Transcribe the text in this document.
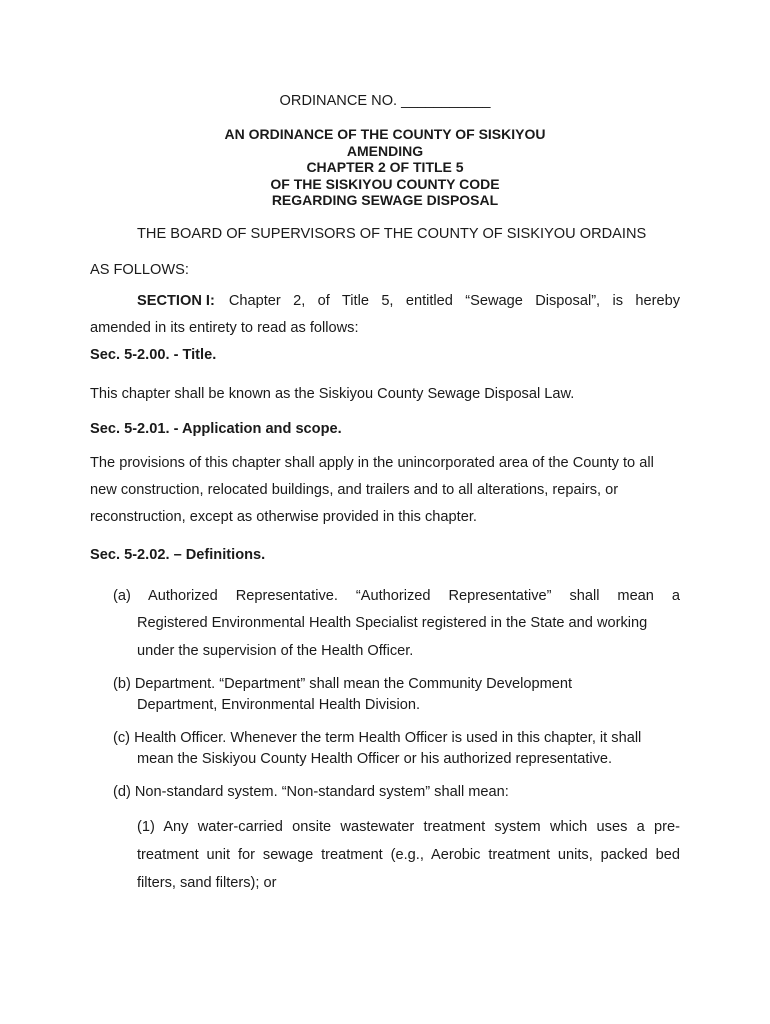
ORDINANCE NO. ___________
AN ORDINANCE OF THE COUNTY OF SISKIYOU
AMENDING
CHAPTER 2 OF TITLE 5
OF THE SISKIYOU COUNTY CODE
REGARDING SEWAGE DISPOSAL
THE BOARD OF SUPERVISORS OF THE COUNTY OF SISKIYOU ORDAINS
AS FOLLOWS:
SECTION I: Chapter 2, of Title 5, entitled “Sewage Disposal”, is hereby
amended in its entirety to read as follows:
Sec. 5-2.00. - Title.
This chapter shall be known as the Siskiyou County Sewage Disposal Law.
Sec. 5-2.01. - Application and scope.
The provisions of this chapter shall apply in the unincorporated area of the County to all
new construction, relocated buildings, and trailers and to all alterations, repairs, or
reconstruction, except as otherwise provided in this chapter.
Sec. 5-2.02. – Definitions.
(a) Authorized Representative. “Authorized Representative” shall mean a
Registered Environmental Health Specialist registered in the State and working
under the supervision of the Health Officer.
(b) Department. “Department” shall mean the Community Development
Department, Environmental Health Division.
(c) Health Officer. Whenever the term Health Officer is used in this chapter, it shall
mean the Siskiyou County Health Officer or his authorized representative.
(d) Non-standard system. “Non-standard system” shall mean:
(1) Any water-carried onsite wastewater treatment system which uses a pre-
treatment unit for sewage treatment (e.g., Aerobic treatment units, packed bed
filters, sand filters); or
